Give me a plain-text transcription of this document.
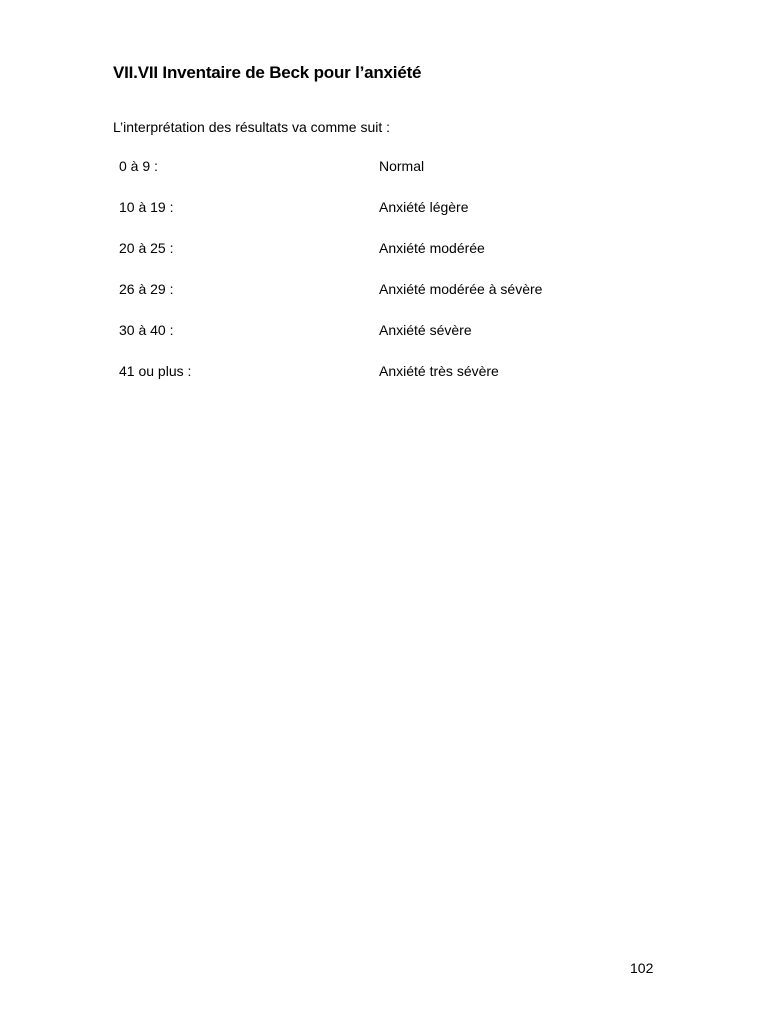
VII.VII Inventaire de Beck pour l’anxiété

L’interprétation des résultats va comme suit :

0 à 9 :	Normal
10 à 19 :	Anxiété légère
20 à 25 :	Anxiété modérée
26 à 29 :	Anxiété modérée à sévère
30 à 40 :	Anxiété sévère
41 ou plus :	Anxiété très sévère
102
